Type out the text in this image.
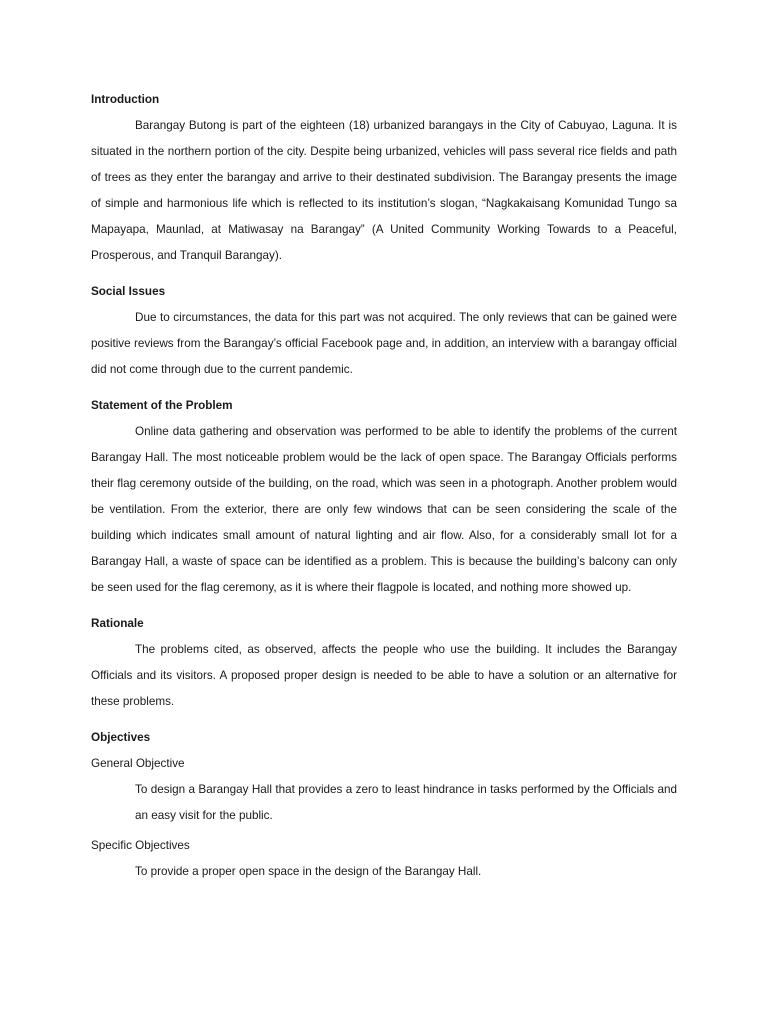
Introduction

Barangay Butong is part of the eighteen (18) urbanized barangays in the City of Cabuyao, Laguna. It is situated in the northern portion of the city. Despite being urbanized, vehicles will pass several rice fields and path of trees as they enter the barangay and arrive to their destinated subdivision. The Barangay presents the image of simple and harmonious life which is reflected to its institution’s slogan, “Nagkakaisang Komunidad Tungo sa Mapayapa, Maunlad, at Matiwasay na Barangay” (A United Community Working Towards to a Peaceful, Prosperous, and Tranquil Barangay).

Social Issues

Due to circumstances, the data for this part was not acquired. The only reviews that can be gained were positive reviews from the Barangay’s official Facebook page and, in addition, an interview with a barangay official did not come through due to the current pandemic.

Statement of the Problem

Online data gathering and observation was performed to be able to identify the problems of the current Barangay Hall. The most noticeable problem would be the lack of open space. The Barangay Officials performs their flag ceremony outside of the building, on the road, which was seen in a photograph. Another problem would be ventilation. From the exterior, there are only few windows that can be seen considering the scale of the building which indicates small amount of natural lighting and air flow. Also, for a considerably small lot for a Barangay Hall, a waste of space can be identified as a problem. This is because the building’s balcony can only be seen used for the flag ceremony, as it is where their flagpole is located, and nothing more showed up.

Rationale

The problems cited, as observed, affects the people who use the building. It includes the Barangay Officials and its visitors. A proposed proper design is needed to be able to have a solution or an alternative for these problems.

Objectives
General Objective

To design a Barangay Hall that provides a zero to least hindrance in tasks performed by the Officials and an easy visit for the public.

Specific Objectives

To provide a proper open space in the design of the Barangay Hall.
